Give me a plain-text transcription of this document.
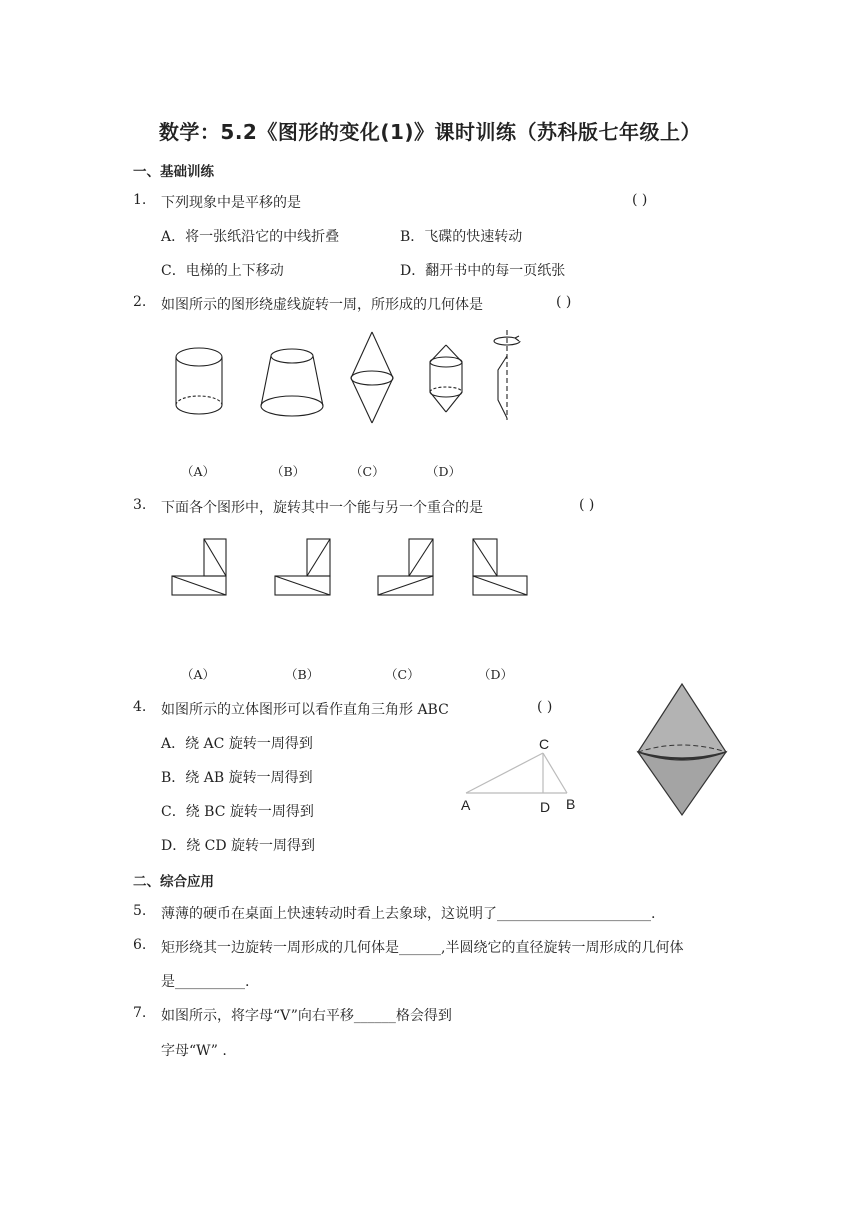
数学：5.2《图形的变化(1)》课时训练（苏科版七年级上）
一、基础训练
1.	下列现象中是平移的是	( )
A．将一张纸沿它的中线折叠	B．飞碟的快速转动
C．电梯的上下移动	D．翻开书中的每一页纸张
2.	如图所示的图形绕虚线旋转一周，所形成的几何体是	( )
（A）	（B）	（C）	（D）
3.	下面各个图形中，旋转其中一个能与另一个重合的是	( )
（A）	（B）	（C）	（D）
4.	如图所示的立体图形可以看作直角三角形 ABC	( )
A．绕 AC 旋转一周得到
B．绕 AB 旋转一周得到
C．绕 BC 旋转一周得到
D．绕 CD 旋转一周得到
C
A	D B
二、综合应用
5.	薄薄的硬币在桌面上快速转动时看上去象球，这说明了______________________.
6.	矩形绕其一边旋转一周形成的几何体是______,半圆绕它的直径旋转一周形成的几何体
是__________.
7.	如图所示，将字母“V”向右平移______格会得到
字母“W” .
